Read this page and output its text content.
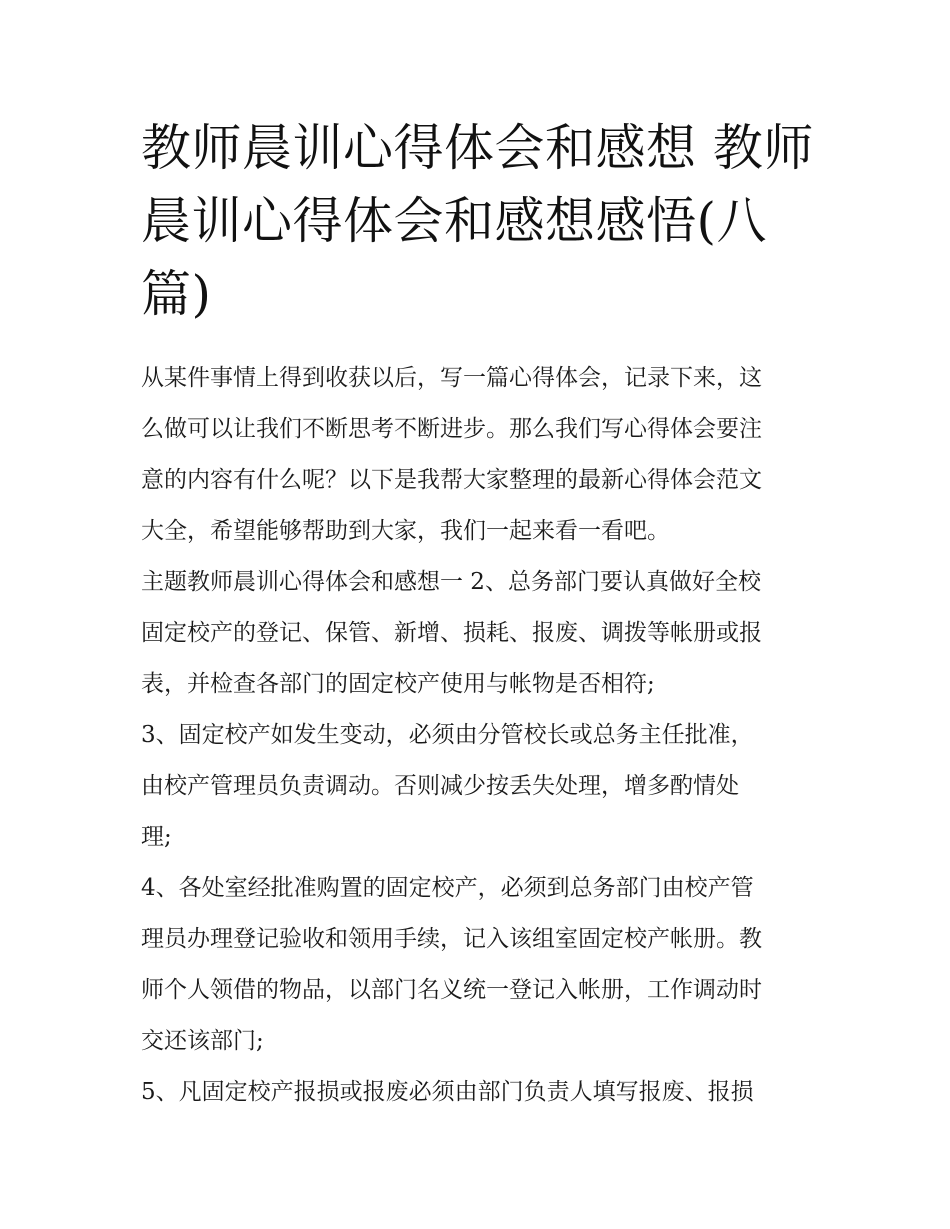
教师晨训心得体会和感想 教师
晨训心得体会和感想感悟(八
篇)
从某件事情上得到收获以后，写一篇心得体会，记录下来，这
么做可以让我们不断思考不断进步。那么我们写心得体会要注
意的内容有什么呢？以下是我帮大家整理的最新心得体会范文
大全，希望能够帮助到大家，我们一起来看一看吧。
主题教师晨训心得体会和感想一 2、总务部门要认真做好全校
固定校产的登记、保管、新增、损耗、报废、调拨等帐册或报
表，并检查各部门的固定校产使用与帐物是否相符;
3、固定校产如发生变动，必须由分管校长或总务主任批准，
由校产管理员负责调动。否则减少按丢失处理，增多酌情处
理;
4、各处室经批准购置的固定校产，必须到总务部门由校产管
理员办理登记验收和领用手续，记入该组室固定校产帐册。教
师个人领借的物品，以部门名义统一登记入帐册，工作调动时
交还该部门;
5、凡固定校产报损或报废必须由部门负责人填写报废、报损
